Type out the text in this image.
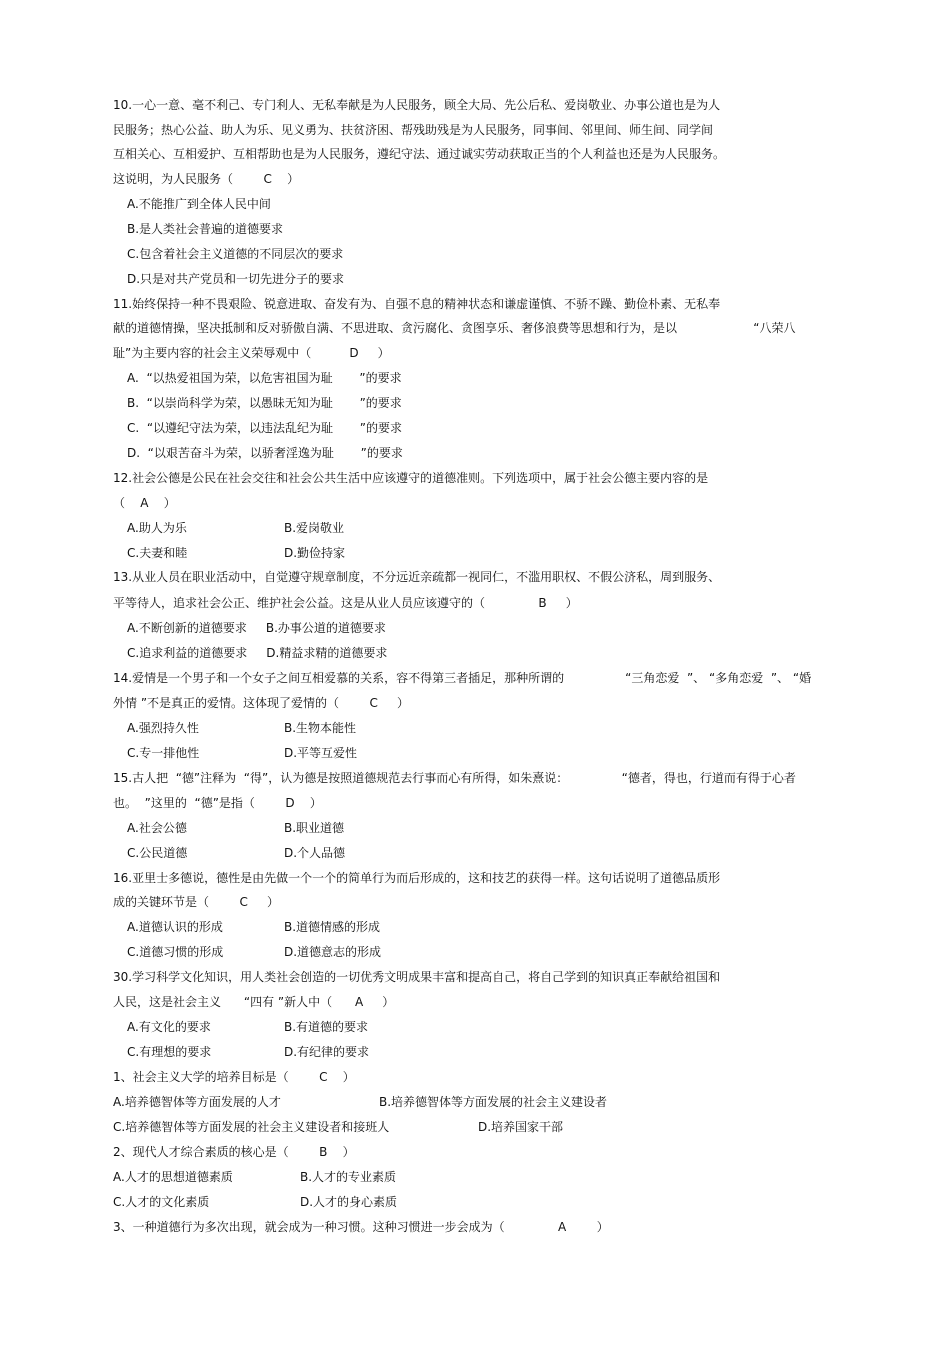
10.一心一意、毫不利己、专门利人、无私奉献是为人民服务，顾全大局、先公后私、爱岗敬业、办事公道也是为人
民服务；热心公益、助人为乐、见义勇为、扶贫济困、帮残助残是为人民服务，同事间、邻里间、师生间、同学间
互相关心、互相爱护、互相帮助也是为人民服务，遵纪守法、通过诚实劳动获取正当的个人利益也还是为人民服务。
这说明，为人民服务（        C    ）
A.不能推广到全体人民中间
B.是人类社会普遍的道德要求
C.包含着社会主义道德的不同层次的要求
D.只是对共产党员和一切先进分子的要求
11.始终保持一种不畏艰险、锐意进取、奋发有为、自强不息的精神状态和谦虚谨慎、不骄不躁、勤俭朴素、无私奉
献的道德情操，坚决抵制和反对骄傲自满、不思进取、贪污腐化、贪图享乐、奢侈浪费等思想和行为，是以                    “八荣八
耻”为主要内容的社会主义荣辱观中（          D     ）
A.  “以热爱祖国为荣，以危害祖国为耻       ”的要求
B.  “以崇尚科学为荣，以愚昧无知为耻       ”的要求
C.  “以遵纪守法为荣，以违法乱纪为耻       ”的要求
D.  “以艰苦奋斗为荣，以骄奢淫逸为耻       ”的要求
12.社会公德是公民在社会交往和社会公共生活中应该遵守的道德准则。下列选项中，属于社会公德主要内容的是
（    A    ）
A.助人为乐	B.爱岗敬业
C.夫妻和睦	D.勤俭持家
13.从业人员在职业活动中，自觉遵守规章制度，不分远近亲疏都一视同仁，不滥用职权、不假公济私，周到服务、
平等待人，追求社会公正、维护社会公益。这是从业人员应该遵守的（              B     ）
A.不断创新的道德要求     B.办事公道的道德要求
C.追求利益的道德要求     D.精益求精的道德要求
14.爱情是一个男子和一个女子之间互相爱慕的关系，容不得第三者插足，那种所谓的                “三角恋爱  ”、 “多角恋爱  ”、 “婚
外情 ”不是真正的爱情。这体现了爱情的（        C     ）
A.强烈持久性	B.生物本能性
C.专一排他性	D.平等互爱性
15.古人把  “德”注释为  “得”，认为德是按照道德规范去行事而心有所得，如朱熹说：              “德者，得也，行道而有得于心者
也。  ”这里的  “德”是指（        D    ）
A.社会公德	B.职业道德
C.公民道德	D.个人品德
16.亚里士多德说，德性是由先做一个一个的简单行为而后形成的，这和技艺的获得一样。这句话说明了道德品质形
成的关键环节是（        C     ）
A.道德认识的形成	B.道德情感的形成
C.道德习惯的形成	D.道德意志的形成
30.学习科学文化知识，用人类社会创造的一切优秀文明成果丰富和提高自己，将自己学到的知识真正奉献给祖国和
人民，这是社会主义      “四有 ”新人中（      A     ）
A.有文化的要求	B.有道德的要求
C.有理想的要求	D.有纪律的要求
1、社会主义大学的培养目标是（        C    ）
A.培养德智体等方面发展的人才	B.培养德智体等方面发展的社会主义建设者
C.培养德智体等方面发展的社会主义建设者和接班人	D.培养国家干部
2、现代人才综合素质的核心是（        B    ）
A.人才的思想道德素质	B.人才的专业素质
C.人才的文化素质	D.人才的身心素质
3、一种道德行为多次出现，就会成为一种习惯。这种习惯进一步会成为（              A        ）
